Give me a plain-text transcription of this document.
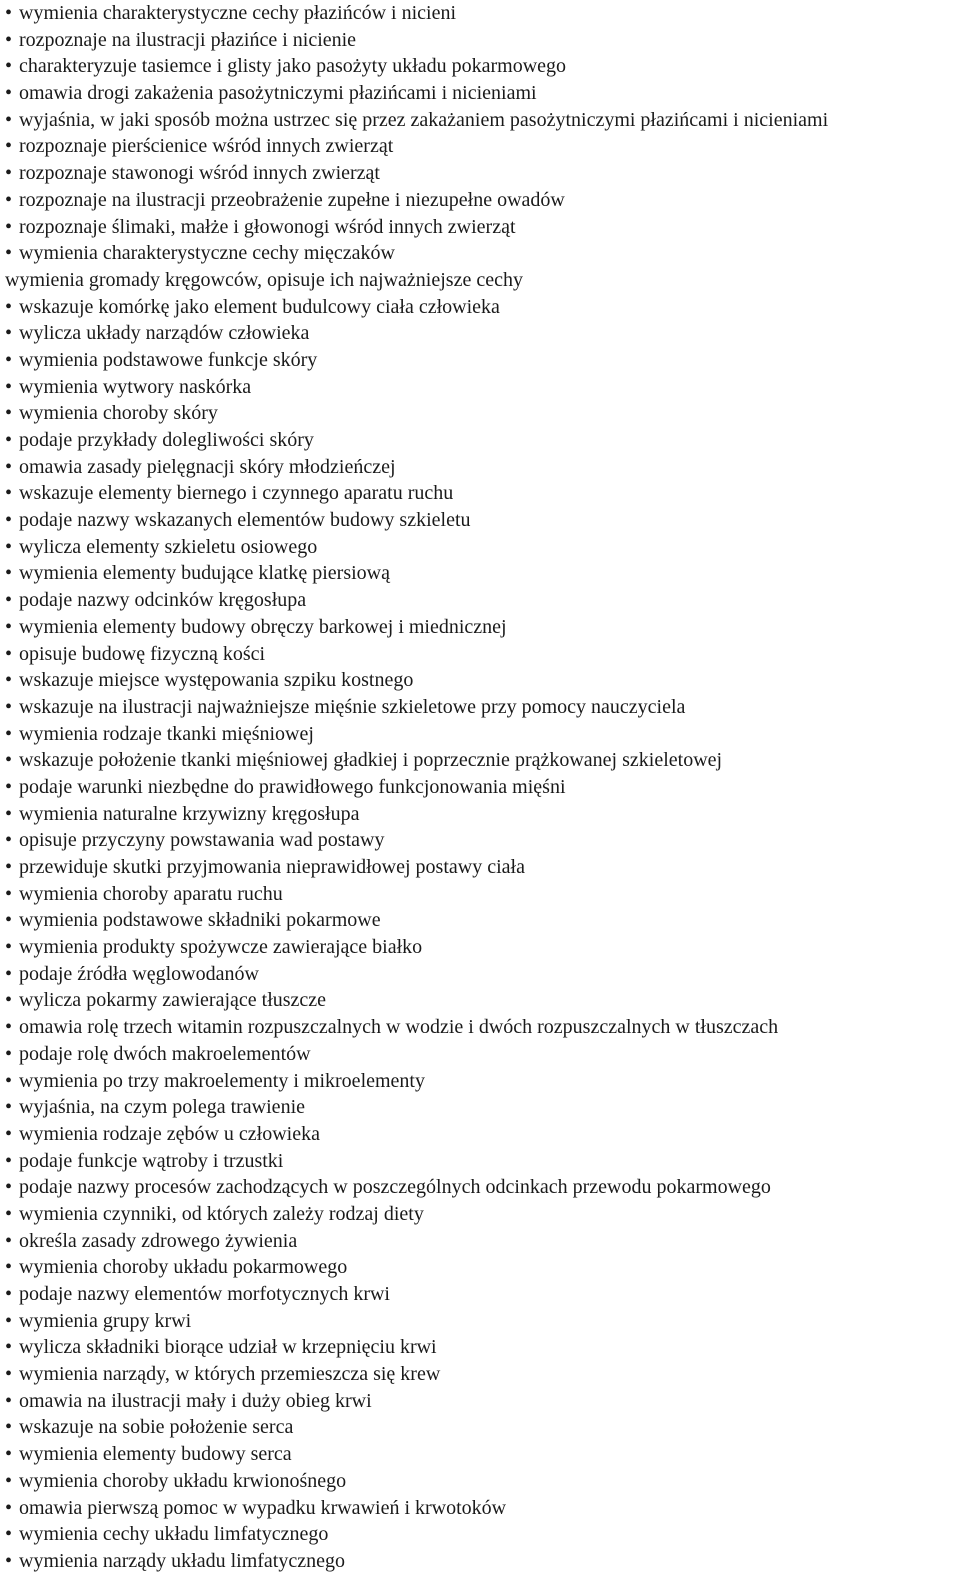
• wymienia charakterystyczne cechy płazińców i nicieni
• rozpoznaje na ilustracji płazińce i nicienie
• charakteryzuje tasiemce i glisty jako pasożyty układu pokarmowego
• omawia drogi zakażenia pasożytniczymi płazińcami i nicieniami
• wyjaśnia, w jaki sposób można ustrzec się przez zakażaniem pasożytniczymi płazińcami i nicieniami
• rozpoznaje pierścienice wśród innych zwierząt
• rozpoznaje stawonogi wśród innych zwierząt
• rozpoznaje na ilustracji przeobrażenie zupełne i niezupełne owadów
• rozpoznaje ślimaki, małże i głowonogi wśród innych zwierząt
• wymienia charakterystyczne cechy mięczaków
wymienia gromady kręgowców, opisuje ich najważniejsze cechy
• wskazuje komórkę jako element budulcowy ciała człowieka
• wylicza układy narządów człowieka
• wymienia podstawowe funkcje skóry
• wymienia wytwory naskórka
• wymienia choroby skóry
• podaje przykłady dolegliwości skóry
• omawia zasady pielęgnacji skóry młodzieńczej
• wskazuje elementy biernego i czynnego aparatu ruchu
• podaje nazwy wskazanych elementów budowy szkieletu
• wylicza elementy szkieletu osiowego
• wymienia elementy budujące klatkę piersiową
• podaje nazwy odcinków kręgosłupa
• wymienia elementy budowy obręczy barkowej i miednicznej
• opisuje budowę fizyczną kości
• wskazuje miejsce występowania szpiku kostnego
• wskazuje na ilustracji najważniejsze mięśnie szkieletowe przy pomocy nauczyciela
• wymienia rodzaje tkanki mięśniowej
• wskazuje położenie tkanki mięśniowej gładkiej i poprzecznie prążkowanej szkieletowej
• podaje warunki niezbędne do prawidłowego funkcjonowania mięśni
• wymienia naturalne krzywizny kręgosłupa
• opisuje przyczyny powstawania wad postawy
• przewiduje skutki przyjmowania nieprawidłowej postawy ciała
• wymienia choroby aparatu ruchu
• wymienia podstawowe składniki pokarmowe
• wymienia produkty spożywcze zawierające białko
• podaje źródła węglowodanów
• wylicza pokarmy zawierające tłuszcze
• omawia rolę trzech witamin rozpuszczalnych w wodzie i dwóch rozpuszczalnych w tłuszczach
• podaje rolę dwóch makroelementów
• wymienia po trzy makroelementy i mikroelementy
• wyjaśnia, na czym polega trawienie
• wymienia rodzaje zębów u człowieka
• podaje funkcje wątroby i trzustki
• podaje nazwy procesów zachodzących w poszczególnych odcinkach przewodu pokarmowego
• wymienia czynniki, od których zależy rodzaj diety
• określa zasady zdrowego żywienia
• wymienia choroby układu pokarmowego
• podaje nazwy elementów morfotycznych krwi
• wymienia grupy krwi
• wylicza składniki biorące udział w krzepnięciu krwi
• wymienia narządy, w których przemieszcza się krew
• omawia na ilustracji mały i duży obieg krwi
• wskazuje na sobie położenie serca
• wymienia elementy budowy serca
• wymienia choroby układu krwionośnego
• omawia pierwszą pomoc w wypadku krwawień i krwotoków
• wymienia cechy układu limfatycznego
• wymienia narządy układu limfatycznego
